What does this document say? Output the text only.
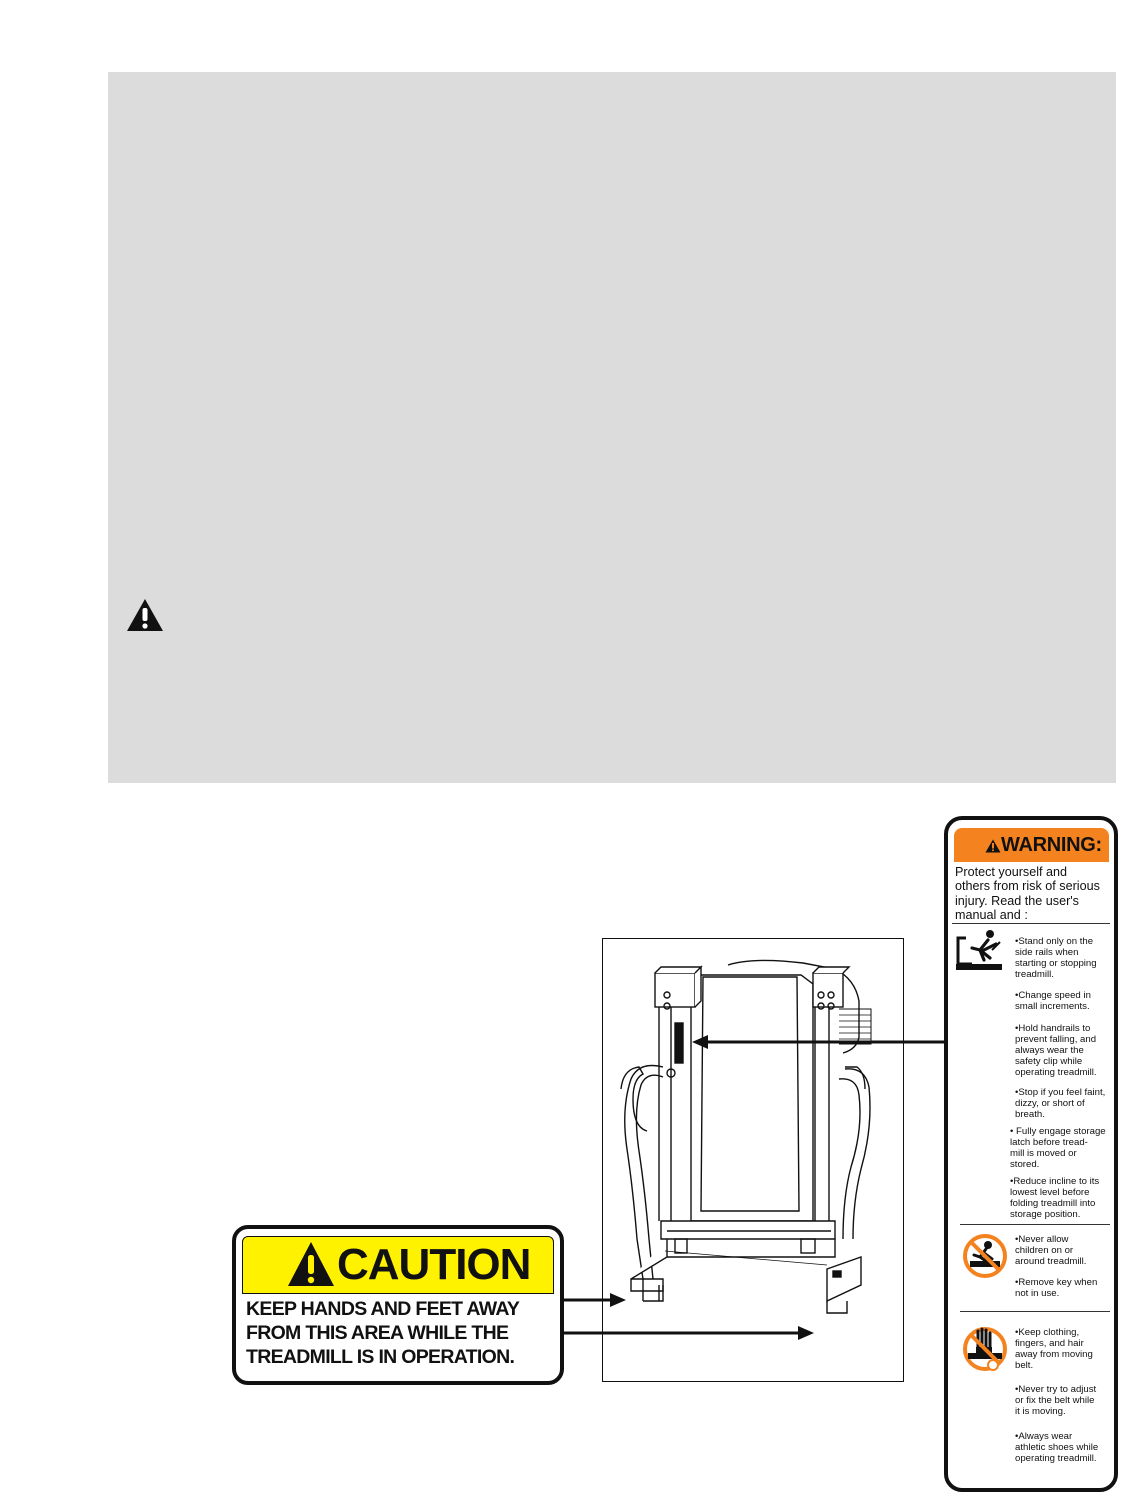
CAUTION
KEEP HANDS AND FEET AWAY
FROM THIS AREA WHILE THE
TREADMILL IS IN OPERATION.
WARNING:
Protect yourself and
others from risk of serious
injury. Read the user's
manual and :
•Stand only on the
side rails when
starting or stopping
treadmill.
•Change speed in
small increments.
•Hold handrails to
prevent falling, and
always wear the
safety clip while
operating treadmill.
•Stop if you feel faint,
dizzy, or short of
breath.
• Fully engage storage
latch before tread-
mill is moved or
stored.
•Reduce incline to its
lowest level before
folding treadmill into
storage position.
•Never allow
children on or
around treadmill.
•Remove key when
not in use.
•Keep clothing,
fingers, and hair
away from moving
belt.
•Never try to adjust
or fix the belt while
it is moving.
•Always wear
athletic shoes while
operating treadmill.
